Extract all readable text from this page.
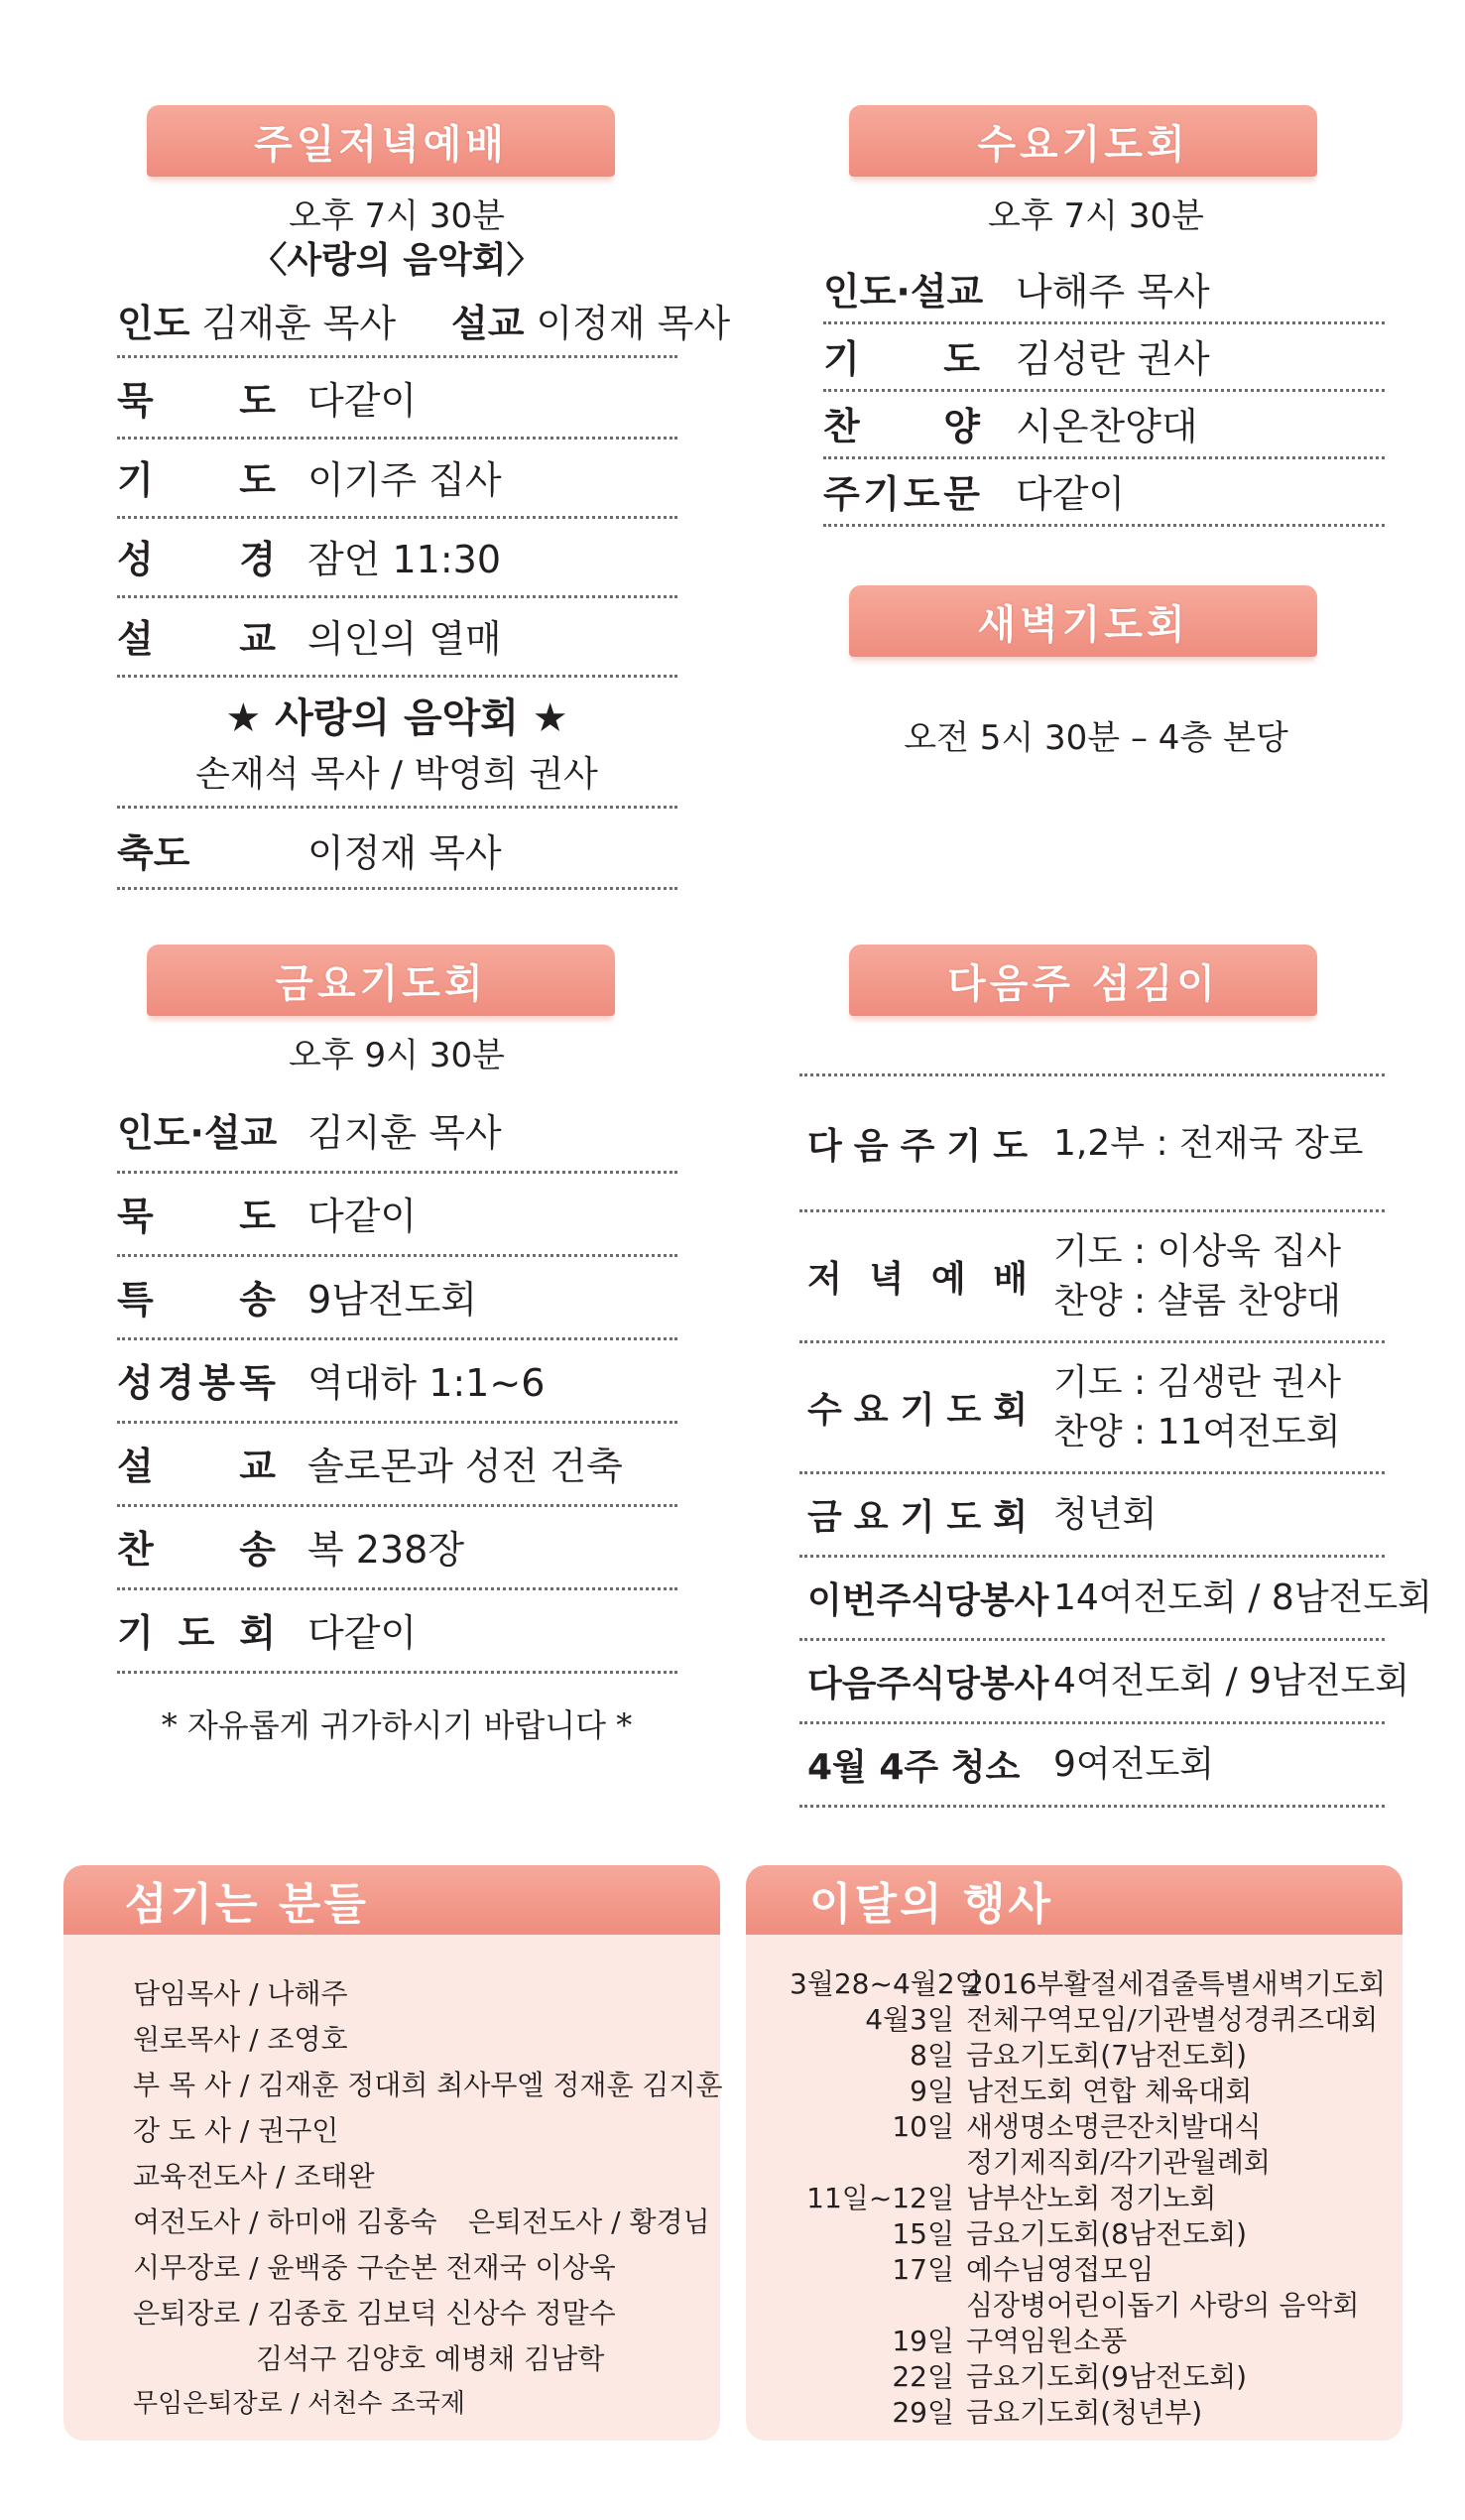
주일저녁예배
오후 7시 30분
〈사랑의 음악회〉
인도 김재훈 목사 설교 이정재 목사
묵 도 다같이
기 도 이기주 집사
성 경 잠언 11:30
설 교 의인의 열매
★ 사랑의 음악회 ★
손재석 목사 / 박영희 권사
축도	이정재 목사
수요기도회
오후 7시 30분
인도·설교 나해주 목사
기 도 김성란 권사
찬 양 시온찬양대
주 기 도 문 다같이
새벽기도회
오전 5시 30분 – 4층 본당
금요기도회
오후 9시 30분
인도·설교 김지훈 목사
묵 도 다같이
특 송 9남전도회
성 경 봉 독 역대하 1:1~6
설 교 솔로몬과 성전 건축
찬 송 복 238장
기 도 회 다같이
* 자유롭게 귀가하시기 바랍니다 *
다음주 섬김이
다 음 주 기 도 1,2부 : 전재국 장로
저 녁 예 배
기도 : 이상욱 집사
찬양 : 샬롬 찬양대
수 요 기 도 회
기도 : 김생란 권사
찬양 : 11여전도회
금 요 기 도 회 청년회
이번주식당봉사 14여전도회 / 8남전도회
다음주식당봉사 4여전도회 / 9남전도회
4월 4주 청소 9여전도회
섬기는 분들
담임목사 / 나해주
원로목사 / 조영호
부 목 사 / 김재훈 정대희 최사무엘 정재훈 김지훈
강 도 사 / 권구인
교육전도사 / 조태완
여전도사 / 하미애 김홍숙
시무장로 / 윤백중 구순본 전재국 이상욱
은퇴장로 / 김종호 김보덕 신상수 정말수
김석구 김양호 예병채 김남학
무임은퇴장로 / 서천수 조국제
은퇴전도사 / 황경님
이달의 행사
3월28~4월2일
2016부활절세겹줄특별새벽기도회
4월3일 전체구역모임/기관별성경퀴즈대회
8일 금요기도회(7남전도회)
9일 남전도회 연합 체육대회
10일 새생명소명큰잔치발대식
정기제직회/각기관월례회
11일~12일 남부산노회 정기노회
15일 금요기도회(8남전도회)
17일 예수님영접모임
심장병어린이돕기 사랑의 음악회
19일 구역임원소풍
22일 금요기도회(9남전도회)
29일 금요기도회(청년부)
